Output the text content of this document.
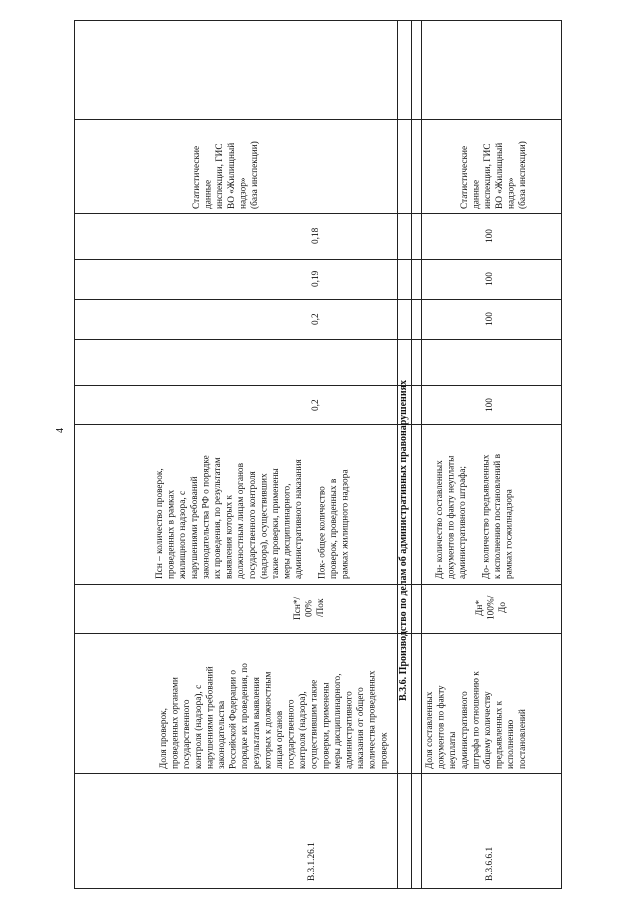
4
В.3.1.26.1
Доля проверок,
проведенных органами
государственного
контроля (надзора), с
нарушениями требований
законодательства
Российской Федерации о
порядке их проведения, по
результатам выявления
которых к должностным
лицам органов
государственного
контроля (надзора),
осуществившим такие
проверки, применены
меры дисциплинарного,
административного
наказания от общего
количества проведенных
проверок
Псн*/
00%
/Пок
Псн – количество проверок,
проведенных в рамках
жилищного надзора, с
нарушениями требований
законодательства РФ о порядке
их проведения, по результатам
выявления которых к
должностным лицам органов
государственного контроля
(надзора), осуществивших
такие проверки, применены
меры дисциплинарного,
административного наказания

Пок- общее количество
проверок, проведенных в
рамках жилищного надзора
0,2
0,2
0,19
0,18
Статистические
данные
инспекции, ГИС
ВО «Жилищный
надзор»
(база инспекции)
В.3.6. Производство по делам об административных правонарушениях
В.3.6.6.1
Доля составленных
документов по факту
неуплаты
административного
штрафа по отношению к
общему количеству
предъявленных к
исполнению
постановлений
Дн*
100%/
До
Дн- количество составленных
документов по факту неуплаты
административного штрафа;

До- количество предъявленных
к исполнению постановлений в
рамках госжилнадзора
100
100
100
100
Статистические
данные
инспекции, ГИС
ВО «Жилищный
надзор»
(база инспекции)
